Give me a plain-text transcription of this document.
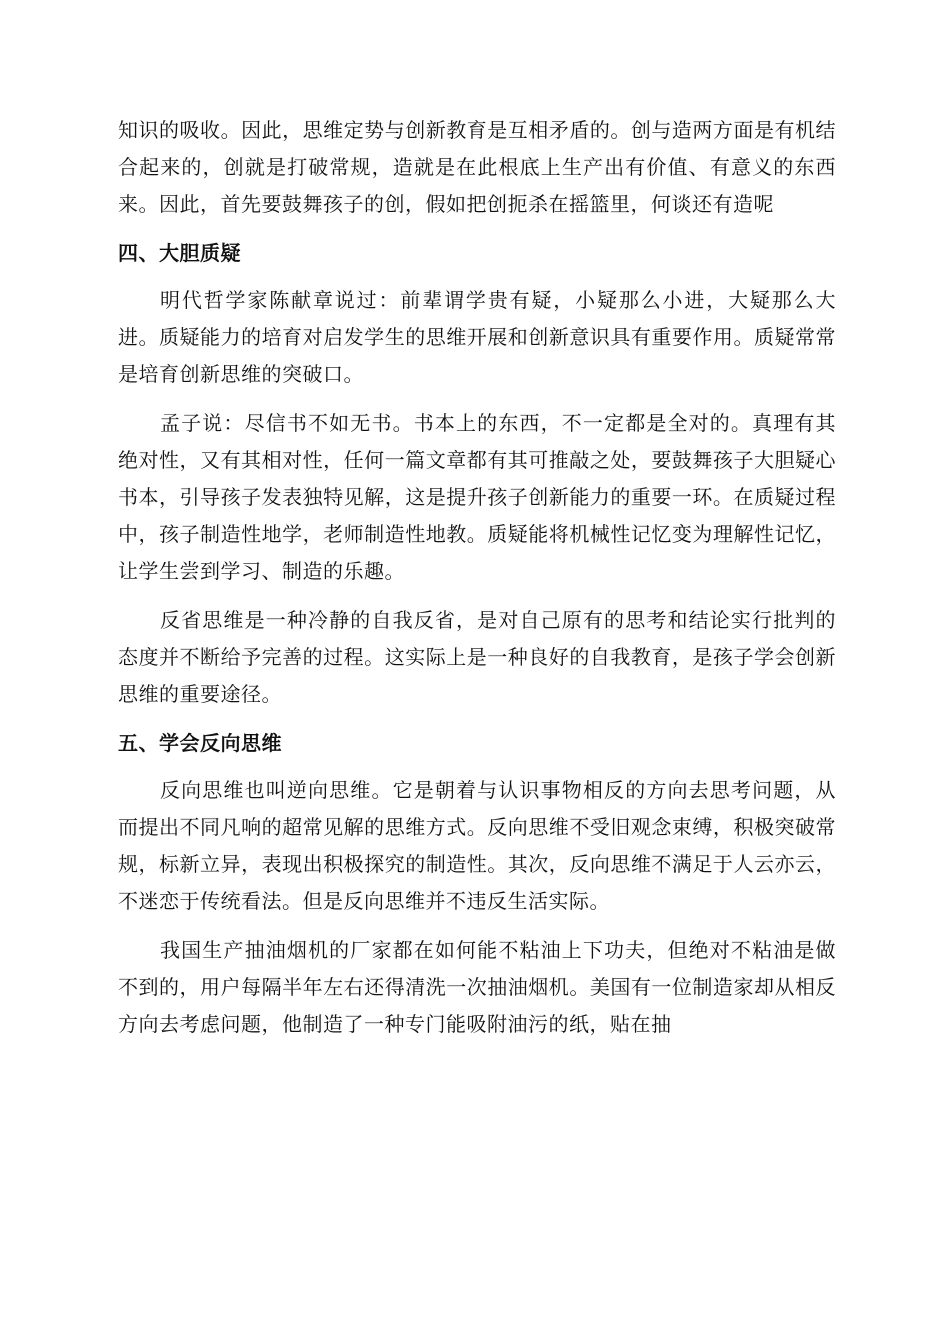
知识的吸收。因此，思维定势与创新教育是互相矛盾的。创与造两方面是有机结合起来的，创就是打破常规，造就是在此根底上生产出有价值、有意义的东西来。因此，首先要鼓舞孩子的创，假如把创扼杀在摇篮里，何谈还有造呢

四、大胆质疑

明代哲学家陈献章说过：前辈谓学贵有疑，小疑那么小进，大疑那么大进。质疑能力的培育对启发学生的思维开展和创新意识具有重要作用。质疑常常是培育创新思维的突破口。

孟子说：尽信书不如无书。书本上的东西，不一定都是全对的。真理有其绝对性，又有其相对性，任何一篇文章都有其可推敲之处，要鼓舞孩子大胆疑心书本，引导孩子发表独特见解，这是提升孩子创新能力的重要一环。在质疑过程中，孩子制造性地学，老师制造性地教。质疑能将机械性记忆变为理解性记忆，让学生尝到学习、制造的乐趣。

反省思维是一种冷静的自我反省，是对自己原有的思考和结论实行批判的态度并不断给予完善的过程。这实际上是一种良好的自我教育，是孩子学会创新思维的重要途径。

五、学会反向思维

反向思维也叫逆向思维。它是朝着与认识事物相反的方向去思考问题，从而提出不同凡响的超常见解的思维方式。反向思维不受旧观念束缚，积极突破常规，标新立异，表现出积极探究的制造性。其次，反向思维不满足于人云亦云，不迷恋于传统看法。但是反向思维并不违反生活实际。

我国生产抽油烟机的厂家都在如何能不粘油上下功夫，但绝对不粘油是做不到的，用户每隔半年左右还得清洗一次抽油烟机。美国有一位制造家却从相反方向去考虑问题，他制造了一种专门能吸附油污的纸，贴在抽
